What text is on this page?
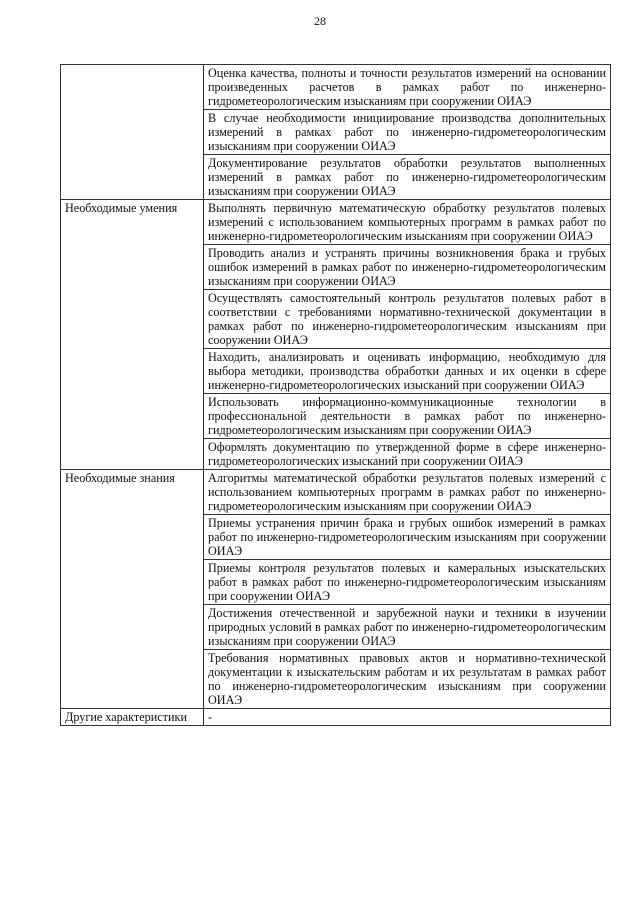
28
	Оценка качества, полноты и точности результатов измерений на основании произведенных расчетов в рамках работ по инженерно-гидрометеорологическим изысканиям при сооружении ОИАЭ
	В случае необходимости инициирование производства дополнительных измерений в рамках работ по инженерно-гидрометеорологическим изысканиям при сооружении ОИАЭ
	Документирование результатов обработки результатов выполненных измерений в рамках работ по инженерно-гидрометеорологическим изысканиям при сооружении ОИАЭ
Необходимые умения	Выполнять первичную математическую обработку результатов полевых измерений с использованием компьютерных программ в рамках работ по инженерно-гидрометеорологическим изысканиям при сооружении ОИАЭ
	Проводить анализ и устранять причины возникновения брака и грубых ошибок измерений в рамках работ по инженерно-гидрометеорологическим изысканиям при сооружении ОИАЭ
	Осуществлять самостоятельный контроль результатов полевых работ в соответствии с требованиями нормативно-технической документации в рамках работ по инженерно-гидрометеорологическим изысканиям при сооружении ОИАЭ
	Находить, анализировать и оценивать информацию, необходимую для выбора методики, производства обработки данных и их оценки в сфере инженерно-гидрометеорологических изысканий при сооружении ОИАЭ
	Использовать информационно-коммуникационные технологии в профессиональной деятельности в рамках работ по инженерно-гидрометеорологическим изысканиям при сооружении ОИАЭ
	Оформлять документацию по утвержденной форме в сфере инженерно-гидрометеорологических изысканий при сооружении ОИАЭ
Необходимые знания	Алгоритмы математической обработки результатов полевых измерений с использованием компьютерных программ в рамках работ по инженерно-гидрометеорологическим изысканиям при сооружении ОИАЭ
	Приемы устранения причин брака и грубых ошибок измерений в рамках работ по инженерно-гидрометеорологическим изысканиям при сооружении ОИАЭ
	Приемы контроля результатов полевых и камеральных изыскательских работ в рамках работ по инженерно-гидрометеорологическим изысканиям при сооружении ОИАЭ
	Достижения отечественной и зарубежной науки и техники в изучении природных условий в рамках работ по инженерно-гидрометеорологическим изысканиям при сооружении ОИАЭ
	Требования нормативных правовых актов и нормативно-технической документации к изыскательским работам и их результатам в рамках работ по инженерно-гидрометеорологическим изысканиям при сооружении ОИАЭ
Другие характеристики	-
